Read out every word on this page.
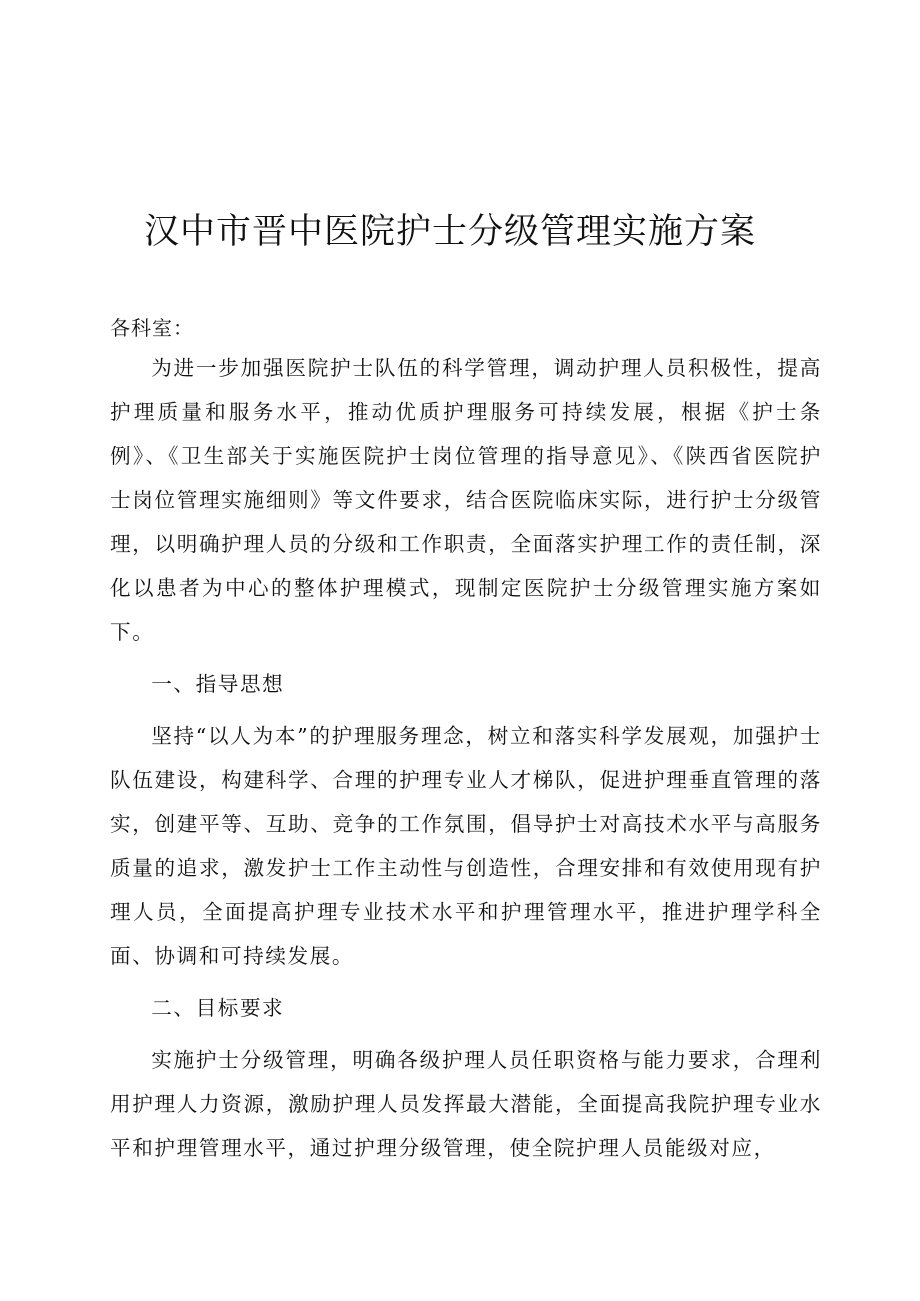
汉中市晋中医院护士分级管理实施方案
各科室：

为进一步加强医院护士队伍的科学管理，调动护理人员积极性，提高护理质量和服务水平，推动优质护理服务可持续发展，根据《护士条例》、《卫生部关于实施医院护士岗位管理的指导意见》、《陕西省医院护士岗位管理实施细则》等文件要求，结合医院临床实际，进行护士分级管理，以明确护理人员的分级和工作职责，全面落实护理工作的责任制，深化以患者为中心的整体护理模式，现制定医院护士分级管理实施方案如下。

一、指导思想

坚持“以人为本”的护理服务理念，树立和落实科学发展观，加强护士队伍建设，构建科学、合理的护理专业人才梯队，促进护理垂直管理的落实，创建平等、互助、竞争的工作氛围，倡导护士对高技术水平与高服务质量的追求，激发护士工作主动性与创造性，合理安排和有效使用现有护理人员，全面提高护理专业技术水平和护理管理水平，推进护理学科全面、协调和可持续发展。

二、目标要求

实施护士分级管理，明确各级护理人员任职资格与能力要求，合理利用护理人力资源，激励护理人员发挥最大潜能，全面提高我院护理专业水平和护理管理水平，通过护理分级管理，使全院护理人员能级对应，
